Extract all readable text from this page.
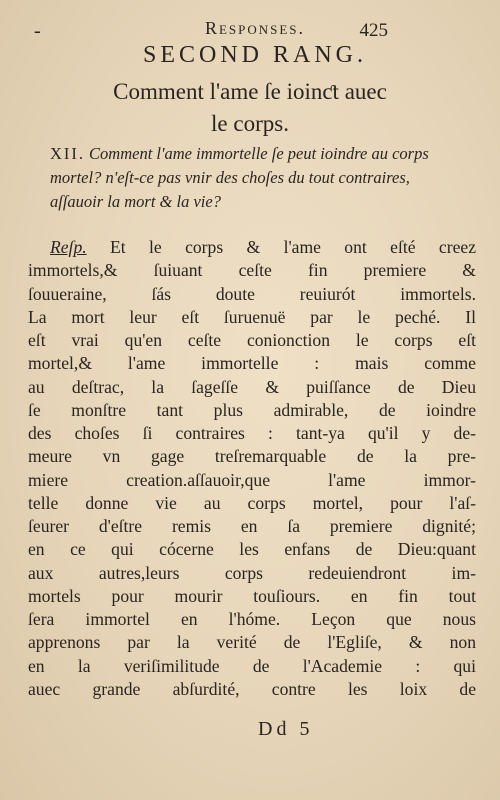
-	Responses.	425
SECOND RANG.
Comment l'ame ſe ioinƈt auec
le corps.
XII. Comment l'ame immortelle ſe peut ioindre au corps mortel? n'eſt-ce pas vnir des choſes du tout contraires, aſſauoir la mort & la vie?
Reſp. Et le corps & l'ame ont eſté creez
immortels,& ſuiuant ceſte fin premiere &
ſouueraine, ſás doute reuiurót immortels.
La mort leur eſt ſuruenuë par le peché. Il
eſt vrai qu'en ceſte conionction le corps eſt
mortel,& l'ame immortelle : mais comme
au deſtrac, la ſageſſe & puiſſance de Dieu
ſe monſtre tant plus admirable, de ioindre
des choſes ſi contraires : tant-ya qu'il y de-
meure vn gage treſremarquable de la pre-
miere creation.aſſauoir,que l'ame immor-
telle donne vie au corps mortel, pour l'aſ-
ſeurer d'eſtre remis en ſa premiere dignité;
en ce qui cócerne les enfans de Dieu:quant
aux autres,leurs corps redeuiendront im-
mortels pour mourir touſiours. en fin tout
ſera immortel en l'hóme. Leçon que nous
apprenons par la verité de l'Egliſe, & non
en la veriſimilitude de l'Academie : qui
auec grande abſurdité, contre les loix de
Dd 5
